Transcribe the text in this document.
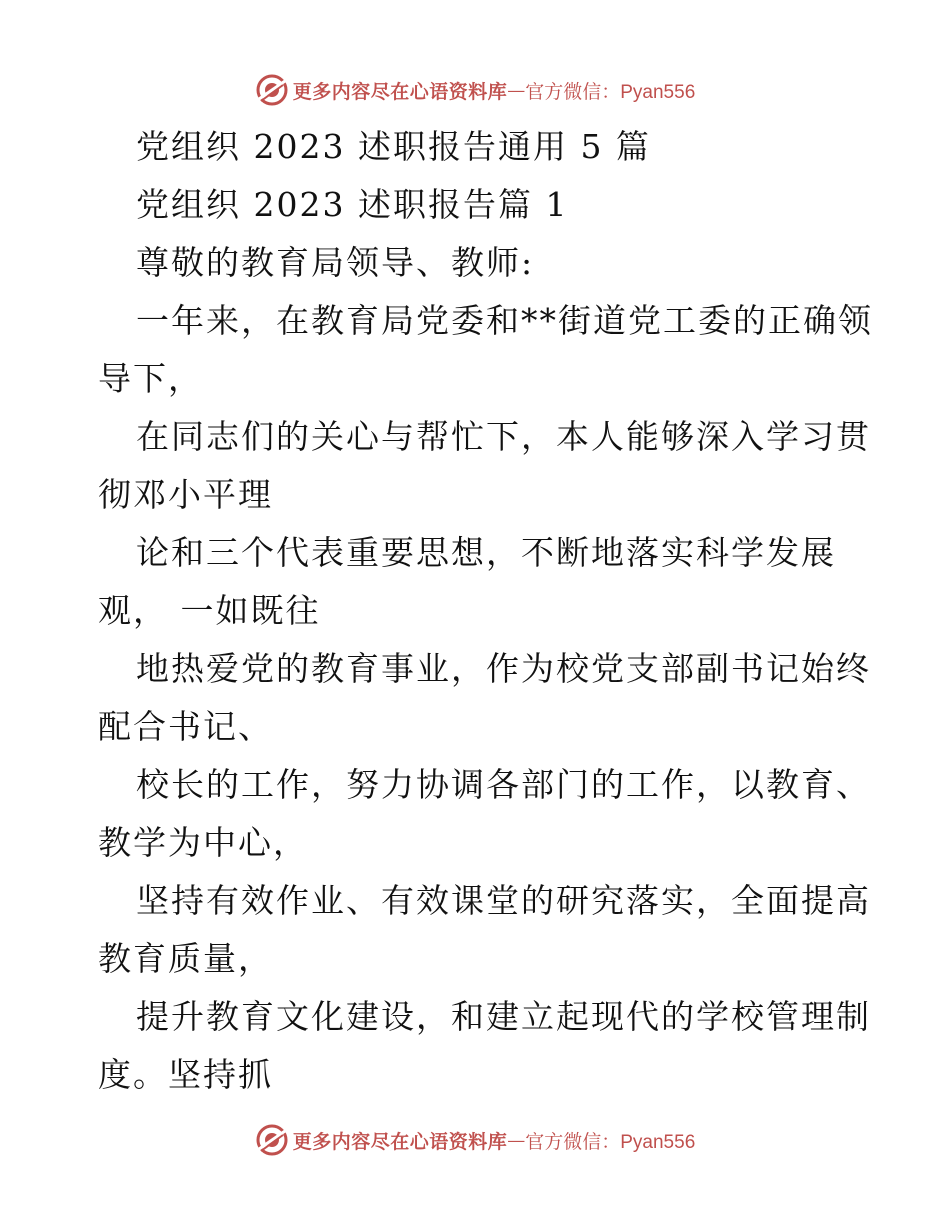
更多内容尽在心语资料库 — 官方微信：Pyan556
党组织 2023 述职报告通用 5 篇
党组织 2023 述职报告篇 1
尊敬的教育局领导、教师:
一年来，在教育局党委和**街道党工委的正确领
导下，
在同志们的关心与帮忙下，本人能够深入学习贯
彻邓小平理
论和三个代表重要思想，不断地落实科学发展
观， 一如既往
地热爱党的教育事业，作为校党支部副书记始终
配合书记、
校长的工作，努力协调各部门的工作，以教育、
教学为中心，
坚持有效作业、有效课堂的研究落实，全面提高
教育质量，
提升教育文化建设，和建立起现代的学校管理制
度。坚持抓
更多内容尽在心语资料库 — 官方微信：Pyan556
